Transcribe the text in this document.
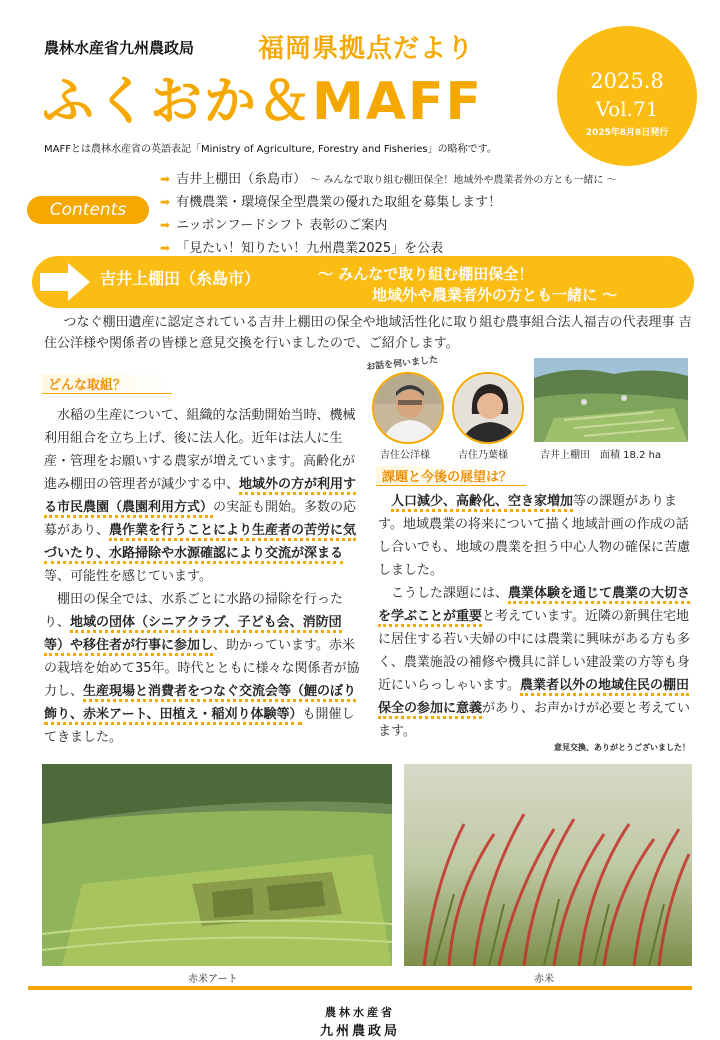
農林水産省九州農政局 福岡県拠点だより
ふくおか＆MAFF
MAFFとは農林水産省の英語表記「Ministry of Agriculture, Forestry and Fisheries」の略称です。
2025.8
Vol.71
2025年8月8日発行
Contents
➡ 吉井上棚田（糸島市） ～ みんなで取り組む棚田保全！地域外や農業者外の方とも一緒に ～
➡ 有機農業・環境保全型農業の優れた取組を募集します！
➡ ニッポンフードシフト 表彰のご案内
➡ 「見たい！知りたい！九州農業2025」を公表
吉井上棚田（糸島市）	～ みんなで取り組む棚田保全！
地域外や農業者外の方とも一緒に ～
つなぐ棚田遺産に認定されている吉井上棚田の保全や地域活性化に取り組む農事組合法人福吉の代表理事 吉住公洋様や関係者の皆様と意見交換を行いましたので、ご紹介します。
どんな取組？

水稲の生産について、組織的な活動開始当時、機械利用組合を立ち上げ、後に法人化。近年は法人に生産・管理をお願いする農家が増えています。高齢化が進み棚田の管理者が減少する中、地域外の方が利用する市民農園（農園利用方式）の実証も開始。多数の応募があり、農作業を行うことにより生産者の苦労に気づいたり、水路掃除や水源確認により交流が深まる等、可能性を感じています。

棚田の保全では、水系ごとに水路の掃除を行ったり、地域の団体（シニアクラブ、子ども会、消防団等）や移住者が行事に参加し、助かっています。赤米の栽培を始めて35年。時代とともに様々な関係者が協力し、生産現場と消費者をつなぐ交流会等（鯉のぼり飾り、赤米アート、田植え・稲刈り体験等）も開催してきました。

お話を伺いました
吉住公洋様	吉住乃葉様	吉井上棚田　面積 18.2 ha
課題と今後の展望は？

人口減少、高齢化、空き家増加等の課題があります。地域農業の将来について描く地域計画の作成の話し合いでも、地域の農業を担う中心人物の確保に苦慮しました。

こうした課題には、農業体験を通じて農業の大切さを学ぶことが重要と考えています。近隣の新興住宅地に居住する若い夫婦の中には農業に興味がある方も多く、農業施設の補修や機具に詳しい建設業の方等も身近にいらっしゃいます。農業者以外の地域住民の棚田保全の参加に意義があり、お声かけが必要と考えています。

意見交換、ありがとうございました！
赤米アート	赤米
農林水産省
九州農政局
